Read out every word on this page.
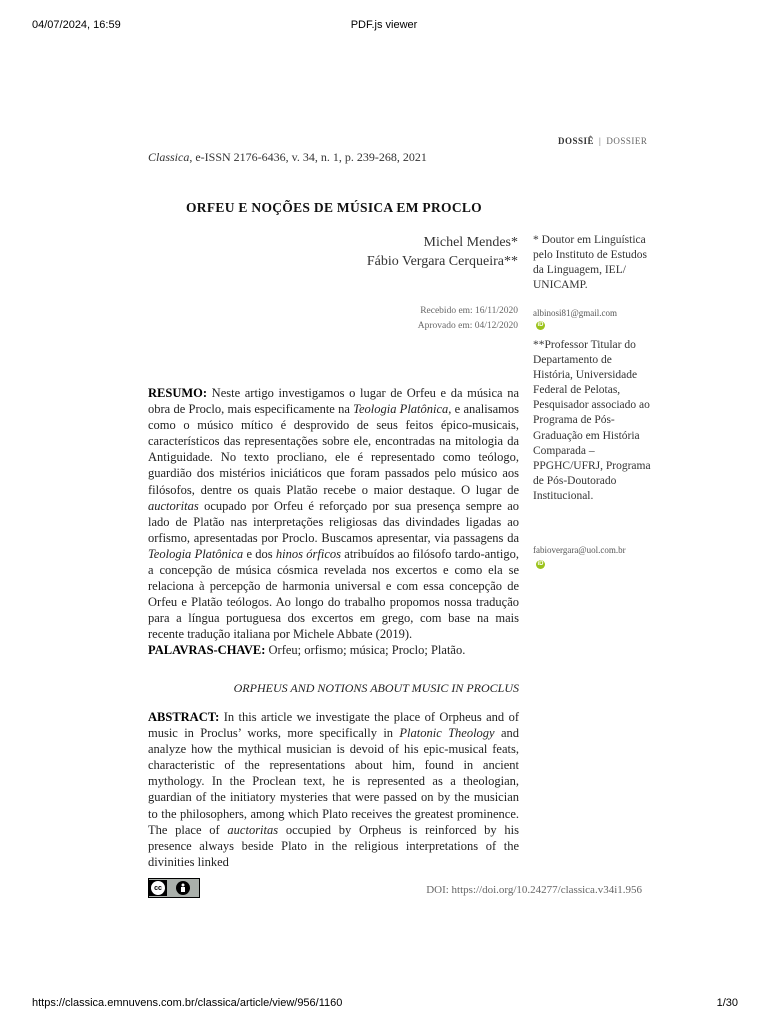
04/07/2024, 16:59	PDF.js viewer
DOSSIÊ | DOSSIER
Classica, e-ISSN 2176-6436, v. 34, n. 1, p. 239-268, 2021
ORFEU E NOÇÕES DE MÚSICA EM PROCLO
Michel Mendes*
Fábio Vergara Cerqueira**
Recebido em: 16/11/2020
Aprovado em: 04/12/2020
* Doutor em Linguística pelo Instituto de Estudos da Linguagem, IEL/ UNICAMP.
albinosi81@gmail.com
iD
**Professor Titular do Departamento de História, Universidade Federal de Pelotas, Pesquisador associado ao Programa de Pós-Graduação em História Comparada – PPGHC/UFRJ, Programa de Pós-Doutorado Institucional.
fabiovergara@uol.com.br
iD
RESUMO: Neste artigo investigamos o lugar de Orfeu e da música na obra de Proclo, mais especificamente na Teologia Platônica, e analisamos como o músico mítico é desprovido de seus feitos épico-musicais, característicos das representações sobre ele, encontradas na mitologia da Antiguidade. No texto procliano, ele é representado como teólogo, guardião dos mistérios iniciáticos que foram passados pelo músico aos filósofos, dentre os quais Platão recebe o maior destaque. O lugar de auctoritas ocupado por Orfeu é reforçado por sua presença sempre ao lado de Platão nas interpretações religiosas das divindades ligadas ao orfismo, apresentadas por Proclo. Buscamos apresentar, via passagens da Teologia Platônica e dos hinos órficos atribuídos ao filósofo tardo-antigo, a concepção de música cósmica revelada nos excertos e como ela se relaciona à percepção de harmonia universal e com essa concepção de Orfeu e Platão teólogos. Ao longo do trabalho propomos nossa tradução para a língua portuguesa dos excertos em grego, com base na mais recente tradução italiana por Michele Abbate (2019).
PALAVRAS-CHAVE: Orfeu; orfismo; música; Proclo; Platão.
ORPHEUS AND NOTIONS ABOUT MUSIC IN PROCLUS
ABSTRACT: In this article we investigate the place of Orpheus and of music in Proclus’ works, more specifically in Platonic Theology and analyze how the mythical musician is devoid of his epic-musical feats, characteristic of the representations about him, found in ancient mythology. In the Proclean text, he is represented as a theologian, guardian of the initiatory mysteries that were passed on by the musician to the philosophers, among which Plato receives the greatest prominence. The place of auctoritas occupied by Orpheus is reinforced by his presence always beside Plato in the religious interpretations of the divinities linked
cc	DOI: https://doi.org/10.24277/classica.v34i1.956
https://classica.emnuvens.com.br/classica/article/view/956/1160	1/30
